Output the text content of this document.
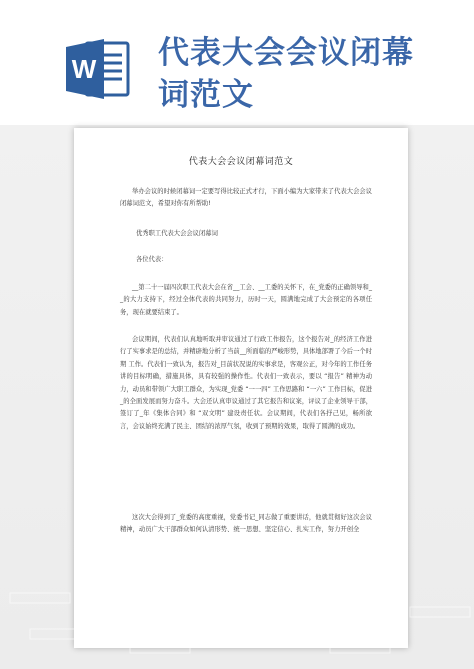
W 代表大会会议闭幕
词范文
代表大会会议闭幕词范文
举办会议的时候闭幕词一定要写得比较正式才行，下面小编为大家带来了代表大会会议闭幕词范文，希望对你有所帮助!
优秀职工代表大会会议闭幕词
各位代表：
__第二十一届四次职工代表大会在省__工会、__工委的关怀下，在_党委的正确领导和__的大力支持下，经过全体代表的共同努力，历时一天，圆满地完成了大会预定的各项任务，现在就要结束了。
会议期间，代表们认真地听取并审议通过了行政工作报告，这个报告对_的经济工作进行了实事求是的总结，并精辟地分析了当前__所面临的严峻形势，具体地部署了今后一个时期 工作。代表们一致认为，报告对_目前状况说的实事求是，客观公正，对今年的工作任务讲的目标明确，措施具体，具有较强的操作性。代表们一致表示，要以 “报告” 精神为动力，动员和带领广大职工群众，为实现_党委 “一一四” 工作思路和 “一六” 工作目标，促进_的全面发展而努力奋斗。大会还认真审议通过了其它报告和议案，评议了企业领导干部，签订了_年《集体合同》和 “双文明” 建设责任状。会议期间，代表们各抒己见，畅所欲言，会议始终充满了民主、团结的浓厚气氛，收到了预期的效果，取得了圆满的成功。
这次大会得到了_党委的高度重视，党委书记_同志做了重要讲话，他就贯彻好这次会议精神，动员广大干部群众如何认清形势、统一思想、坚定信心、扎实工作，努力开创全
